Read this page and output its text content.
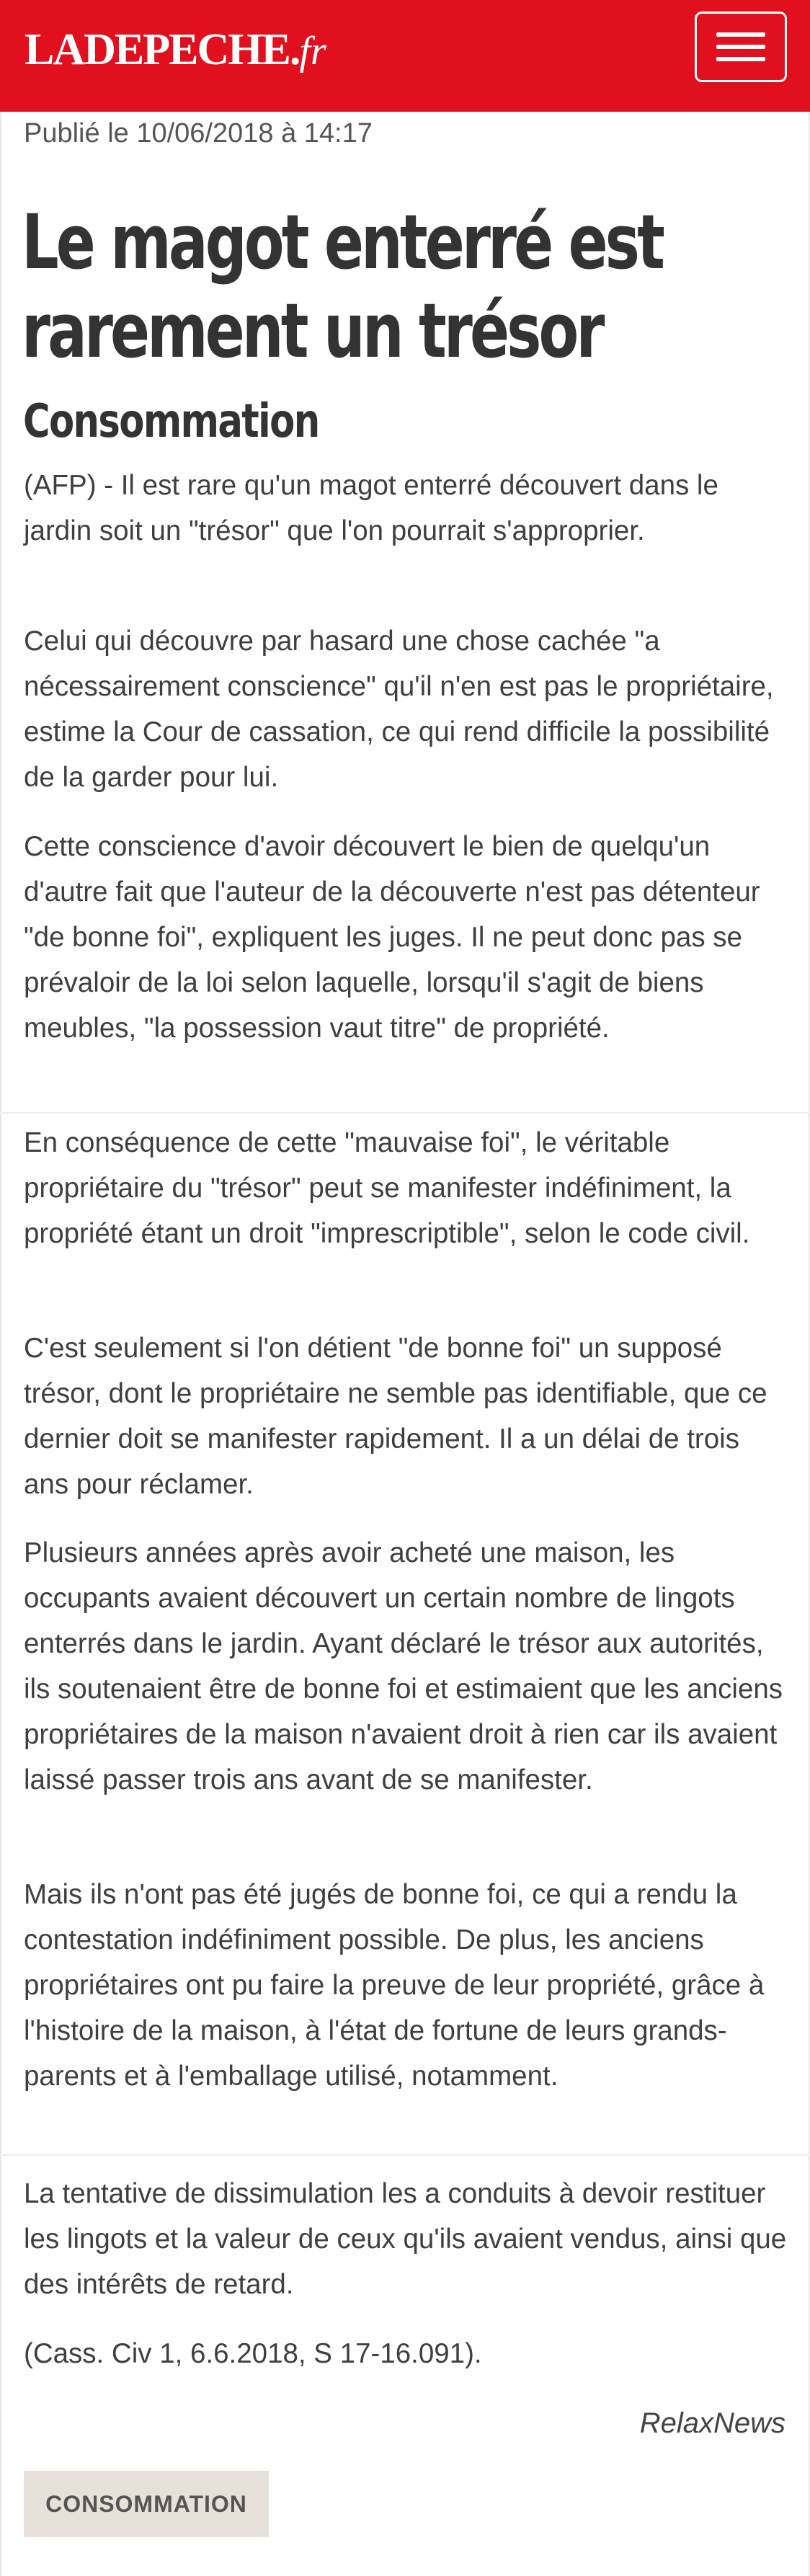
LADEPECHE.fr
Publié le 10/06/2018 à 14:17
Le magot enterré est rarement un trésor
Consommation

(AFP) - Il est rare qu'un magot enterré découvert dans le jardin soit un "trésor" que l'on pourrait s'approprier.

Celui qui découvre par hasard une chose cachée "a nécessairement conscience" qu'il n'en est pas le propriétaire, estime la Cour de cassation, ce qui rend difficile la possibilité de la garder pour lui.

Cette conscience d'avoir découvert le bien de quelqu'un d'autre fait que l'auteur de la découverte n'est pas détenteur "de bonne foi", expliquent les juges. Il ne peut donc pas se prévaloir de la loi selon laquelle, lorsqu'il s'agit de biens meubles, "la possession vaut titre" de propriété.

En conséquence de cette "mauvaise foi", le véritable propriétaire du "trésor" peut se manifester indéfiniment, la propriété étant un droit "imprescriptible", selon le code civil.

C'est seulement si l'on détient "de bonne foi" un supposé trésor, dont le propriétaire ne semble pas identifiable, que ce dernier doit se manifester rapidement. Il a un délai de trois ans pour réclamer.

Plusieurs années après avoir acheté une maison, les occupants avaient découvert un certain nombre de lingots enterrés dans le jardin. Ayant déclaré le trésor aux autorités, ils soutenaient être de bonne foi et estimaient que les anciens propriétaires de la maison n'avaient droit à rien car ils avaient laissé passer trois ans avant de se manifester.

Mais ils n'ont pas été jugés de bonne foi, ce qui a rendu la contestation indéfiniment possible. De plus, les anciens propriétaires ont pu faire la preuve de leur propriété, grâce à l'histoire de la maison, à l'état de fortune de leurs grands-parents et à l'emballage utilisé, notamment.

La tentative de dissimulation les a conduits à devoir restituer les lingots et la valeur de ceux qu'ils avaient vendus, ainsi que des intérêts de retard.

(Cass. Civ 1, 6.6.2018, S 17-16.091).

RelaxNews
CONSOMMATION
